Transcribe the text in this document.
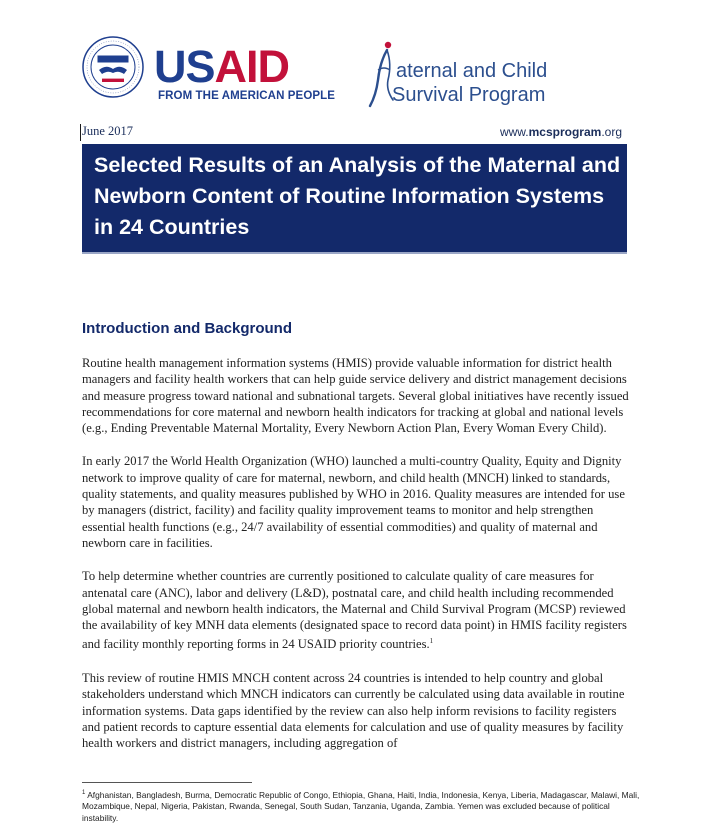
USAID
FROM THE AMERICAN PEOPLE
aternal and Child
Survival Program
June 2017	www.mcsprogram.org
Selected Results of an Analysis of the Maternal and Newborn Content of Routine Information Systems in 24 Countries
Introduction and Background

Routine health management information systems (HMIS) provide valuable information for district health managers and facility health workers that can help guide service delivery and district management decisions and measure progress toward national and subnational targets. Several global initiatives have recently issued recommendations for core maternal and newborn health indicators for tracking at global and national levels (e.g., Ending Preventable Maternal Mortality, Every Newborn Action Plan, Every Woman Every Child).

In early 2017 the World Health Organization (WHO) launched a multi-country Quality, Equity and Dignity network to improve quality of care for maternal, newborn, and child health (MNCH) linked to standards, quality statements, and quality measures published by WHO in 2016. Quality measures are intended for use by managers (district, facility) and facility quality improvement teams to monitor and help strengthen essential health functions (e.g., 24/7 availability of essential commodities) and quality of maternal and newborn care in facilities.

To help determine whether countries are currently positioned to calculate quality of care measures for antenatal care (ANC), labor and delivery (L&D), postnatal care, and child health including recommended global maternal and newborn health indicators, the Maternal and Child Survival Program (MCSP) reviewed the availability of key MNH data elements (designated space to record data point) in HMIS facility registers and facility monthly reporting forms in 24 USAID priority countries.$^1$

This review of routine HMIS MNCH content across 24 countries is intended to help country and global stakeholders understand which MNCH indicators can currently be calculated using data available in routine information systems. Data gaps identified by the review can also help inform revisions to facility registers and patient records to capture essential data elements for calculation and use of quality measures by facility health workers and district managers, including aggregation of

$^1$ Afghanistan, Bangladesh, Burma, Democratic Republic of Congo, Ethiopia, Ghana, Haiti, India, Indonesia, Kenya, Liberia, Madagascar, Malawi, Mali, Mozambique, Nepal, Nigeria, Pakistan, Rwanda, Senegal, South Sudan, Tanzania, Uganda, Zambia. Yemen was excluded because of political instability.
